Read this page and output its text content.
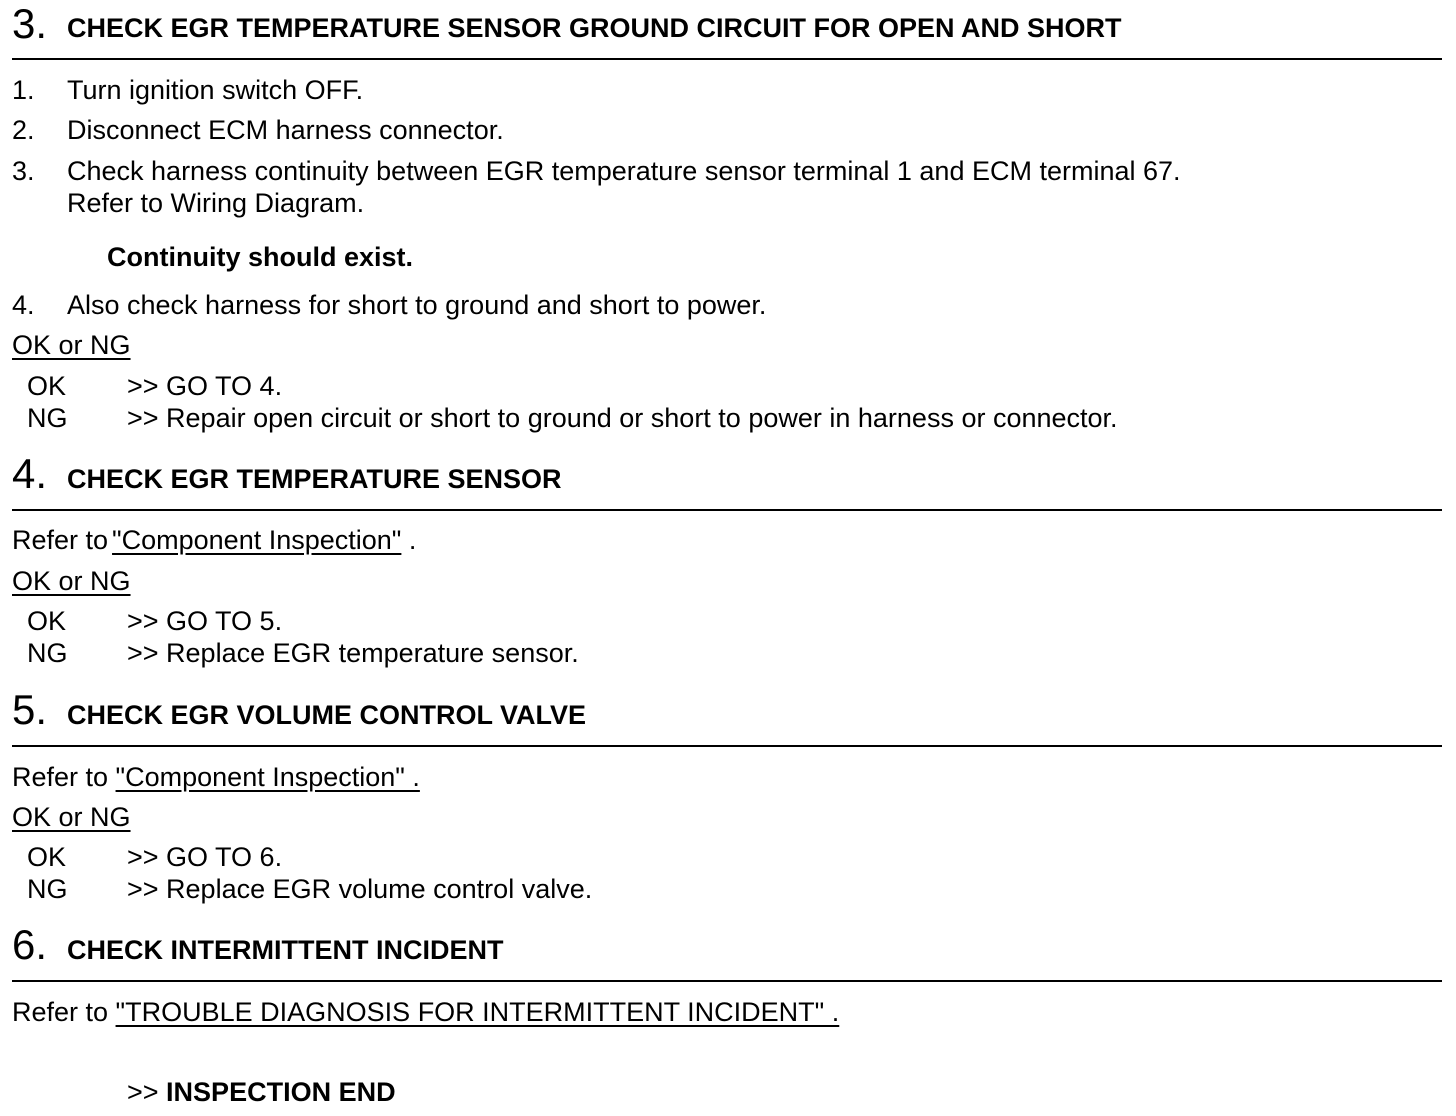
3. CHECK EGR TEMPERATURE SENSOR GROUND CIRCUIT FOR OPEN AND SHORT
1. Turn ignition switch OFF.
2. Disconnect ECM harness connector.
3. Check harness continuity between EGR temperature sensor terminal 1 and ECM terminal 67.
Refer to Wiring Diagram.
Continuity should exist.
4. Also check harness for short to ground and short to power.
OK or NG
OK >> GO TO 4.
NG >> Repair open circuit or short to ground or short to power in harness or connector.
4. CHECK EGR TEMPERATURE SENSOR
Refer to "Component Inspection" .
OK or NG
OK >> GO TO 5.
NG >> Replace EGR temperature sensor.
5. CHECK EGR VOLUME CONTROL VALVE
Refer to "Component Inspection" .
OK or NG
OK >> GO TO 6.
NG >> Replace EGR volume control valve.
6. CHECK INTERMITTENT INCIDENT
Refer to "TROUBLE DIAGNOSIS FOR INTERMITTENT INCIDENT" .
>> INSPECTION END
